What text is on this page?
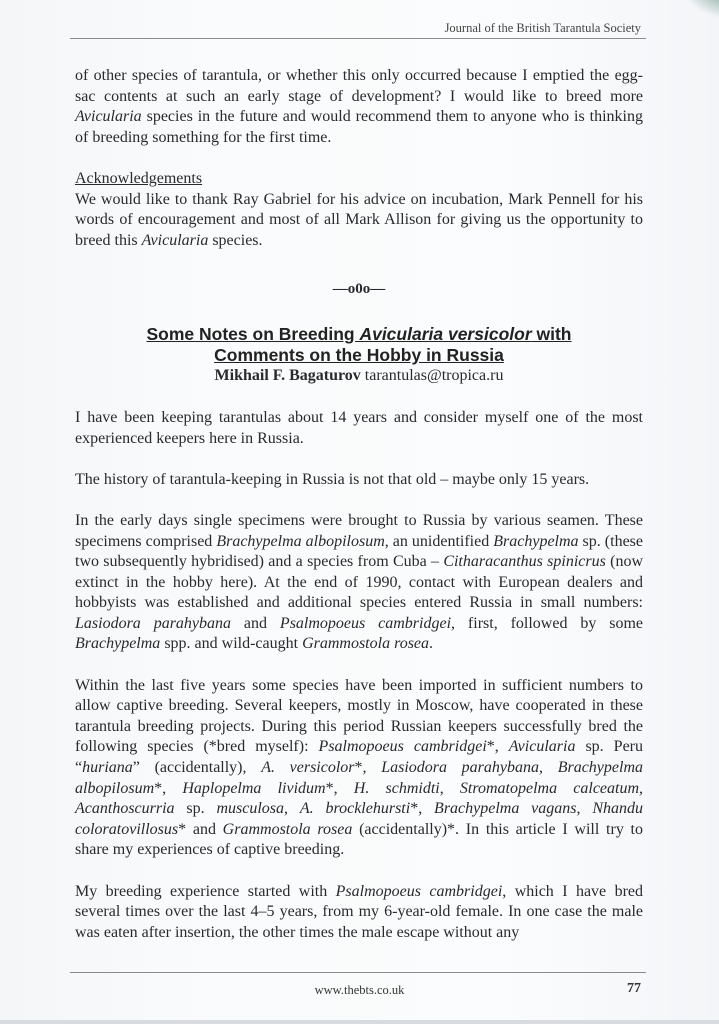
Journal of the British Tarantula Society

of other species of tarantula, or whether this only occurred because I emptied the egg-sac contents at such an early stage of development? I would like to breed more Avicularia species in the future and would recommend them to anyone who is thinking of breeding something for the first time.

Acknowledgements

We would like to thank Ray Gabriel for his advice on incubation, Mark Pennell for his words of encouragement and most of all Mark Allison for giving us the opportunity to breed this Avicularia species.

—o0o—
Some Notes on Breeding Avicularia versicolor with
Comments on the Hobby in Russia
Mikhail F. Bagaturov tarantulas@tropica.ru

I have been keeping tarantulas about 14 years and consider myself one of the most experienced keepers here in Russia.

The history of tarantula-keeping in Russia is not that old – maybe only 15 years.

In the early days single specimens were brought to Russia by various seamen. These specimens comprised Brachypelma albopilosum, an unidentified Brachypelma sp. (these two subsequently hybridised) and a species from Cuba – Citharacanthus spinicrus (now extinct in the hobby here). At the end of 1990, contact with European dealers and hobbyists was established and additional species entered Russia in small numbers: Lasiodora parahybana and Psalmopoeus cambridgei, first, followed by some Brachypelma spp. and wild-caught Grammostola rosea.

Within the last five years some species have been imported in sufficient numbers to allow captive breeding. Several keepers, mostly in Moscow, have cooperated in these tarantula breeding projects. During this period Russian keepers successfully bred the following species (*bred myself): Psalmopoeus cambridgei*, Avicularia sp. Peru “huriana” (accidentally), A. versicolor*, Lasiodora parahybana, Brachypelma albopilosum*, Haplopelma lividum*, H. schmidti, Stromatopelma calceatum, Acanthoscurria sp. musculosa, A. brocklehursti*, Brachypelma vagans, Nhandu coloratovillosus* and Grammostola rosea (accidentally)*. In this article I will try to share my experiences of captive breeding.

My breeding experience started with Psalmopoeus cambridgei, which I have bred several times over the last 4–5 years, from my 6-year-old female. In one case the male was eaten after insertion, the other times the male escape without any

www.thebts.co.uk	77
